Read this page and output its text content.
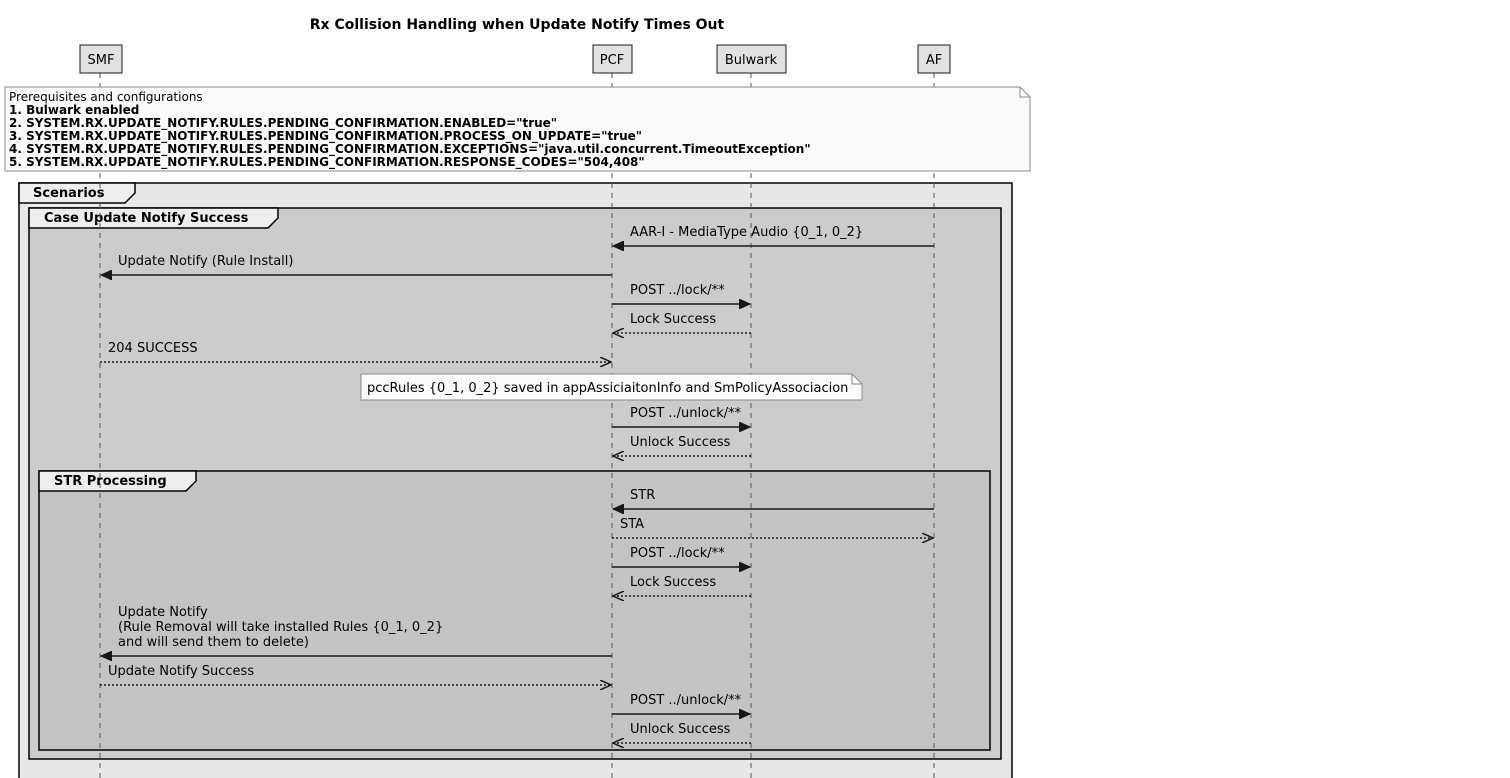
Rx Collision Handling when Update Notify Times Out
Scenarios
Case Update Notify Success
STR Processing
SMF	PCF	Bulwark	AF
Prerequisites and configurations
1. Bulwark enabled
2. SYSTEM.RX.UPDATE_NOTIFY.RULES.PENDING_CONFIRMATION.ENABLED="true"
3. SYSTEM.RX.UPDATE_NOTIFY.RULES.PENDING_CONFIRMATION.PROCESS_ON_UPDATE="true"
4. SYSTEM.RX.UPDATE_NOTIFY.RULES.PENDING_CONFIRMATION.EXCEPTIONS="java.util.concurrent.TimeoutException"
5. SYSTEM.RX.UPDATE_NOTIFY.RULES.PENDING_CONFIRMATION.RESPONSE_CODES="504,408"
pccRules {0_1, 0_2} saved in appAssiciaitonInfo and SmPolicyAssociacion
AAR-I - MediaType Audio {0_1, 0_2}
Update Notify (Rule Install)
POST ../lock/**
Lock Success
204 SUCCESS
POST ../unlock/**
Unlock Success
STR
STA
POST ../lock/**
Lock Success
Update Notify
(Rule Removal will take installed Rules {0_1, 0_2}
and will send them to delete)
Update Notify Success
POST ../unlock/**
Unlock Success
